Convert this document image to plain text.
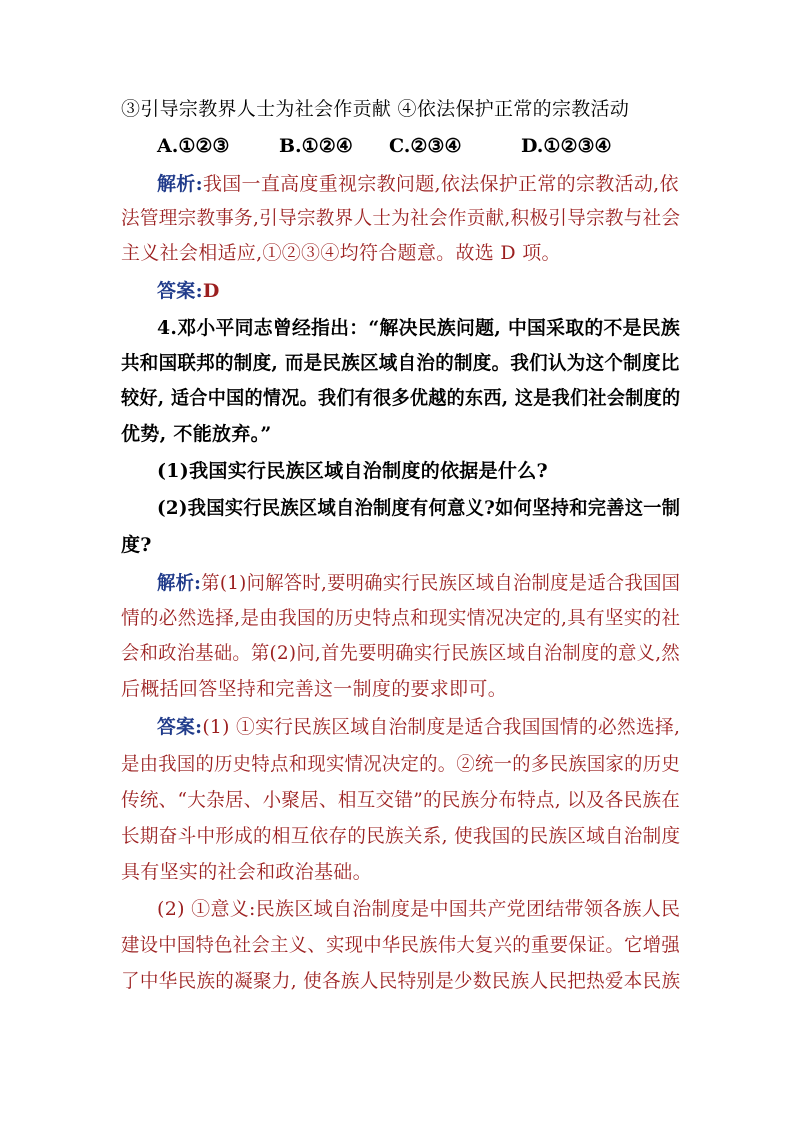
③引导宗教界人士为社会作贡献 ④依法保护正常的宗教活动
A.①②③	B.①②④ C.②③④	D.①②③④
解析:我国一直高度重视宗教问题,依法保护正常的宗教活动,依
法管理宗教事务,引导宗教界人士为社会作贡献,积极引导宗教与社会
主义社会相适应,①②③④均符合题意。故选 D 项。
答案:D
4.邓小平同志曾经指出：“解决民族问题, 中国采取的不是民族
共和国联邦的制度, 而是民族区域自治的制度。我们认为这个制度比
较好, 适合中国的情况。我们有很多优越的东西, 这是我们社会制度的
优势, 不能放弃。”
(1)我国实行民族区域自治制度的依据是什么?
(2)我国实行民族区域自治制度有何意义?如何坚持和完善这一制
度?
解析:第(1)问解答时,要明确实行民族区域自治制度是适合我国国
情的必然选择,是由我国的历史特点和现实情况决定的,具有坚实的社
会和政治基础。第(2)问,首先要明确实行民族区域自治制度的意义,然
后概括回答坚持和完善这一制度的要求即可。
答案:(1) ①实行民族区域自治制度是适合我国国情的必然选择,
是由我国的历史特点和现实情况决定的。②统一的多民族国家的历史
传统、“大杂居、小聚居、相互交错”的民族分布特点, 以及各民族在
长期奋斗中形成的相互依存的民族关系, 使我国的民族区域自治制度
具有坚实的社会和政治基础。
(2) ①意义:民族区域自治制度是中国共产党团结带领各族人民
建设中国特色社会主义、实现中华民族伟大复兴的重要保证。它增强
了中华民族的凝聚力, 使各族人民特别是少数民族人民把热爱本民族
